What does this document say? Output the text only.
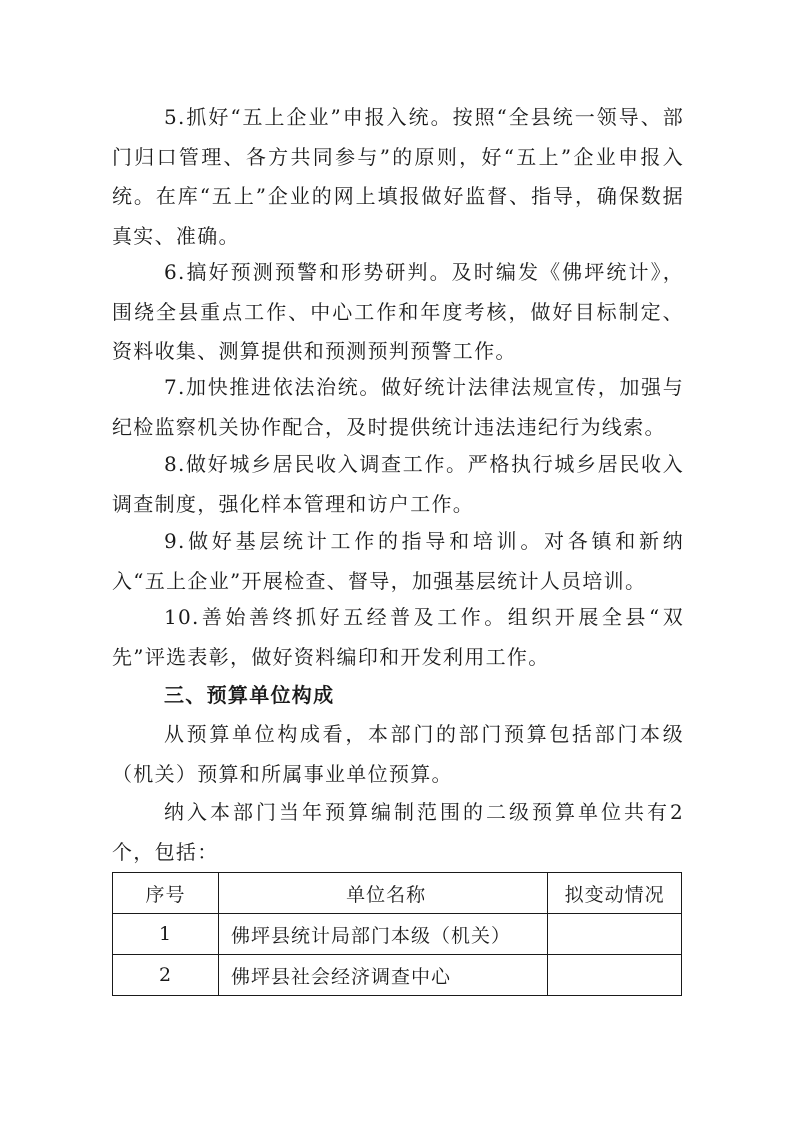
5.抓好“五上企业”申报入统。按照“全县统一领导、部门归口管理、各方共同参与”的原则，好“五上”企业申报入统。在库“五上”企业的网上填报做好监督、指导，确保数据真实、准确。

6.搞好预测预警和形势研判。及时编发《佛坪统计》，围绕全县重点工作、中心工作和年度考核，做好目标制定、资料收集、测算提供和预测预判预警工作。

7.加快推进依法治统。做好统计法律法规宣传，加强与纪检监察机关协作配合，及时提供统计违法违纪行为线索。

8.做好城乡居民收入调查工作。严格执行城乡居民收入调查制度，强化样本管理和访户工作。

9.做好基层统计工作的指导和培训。对各镇和新纳入“五上企业”开展检查、督导，加强基层统计人员培训。

10.善始善终抓好五经普及工作。组织开展全县“双先”评选表彰，做好资料编印和开发利用工作。

三、预算单位构成

从预算单位构成看，本部门的部门预算包括部门本级（机关）预算和所属事业单位预算。

纳入本部门当年预算编制范围的二级预算单位共有2个，包括：

序号	单位名称	拟变动情况
1	佛坪县统计局部门本级（机关）	
2	佛坪县社会经济调查中心	
